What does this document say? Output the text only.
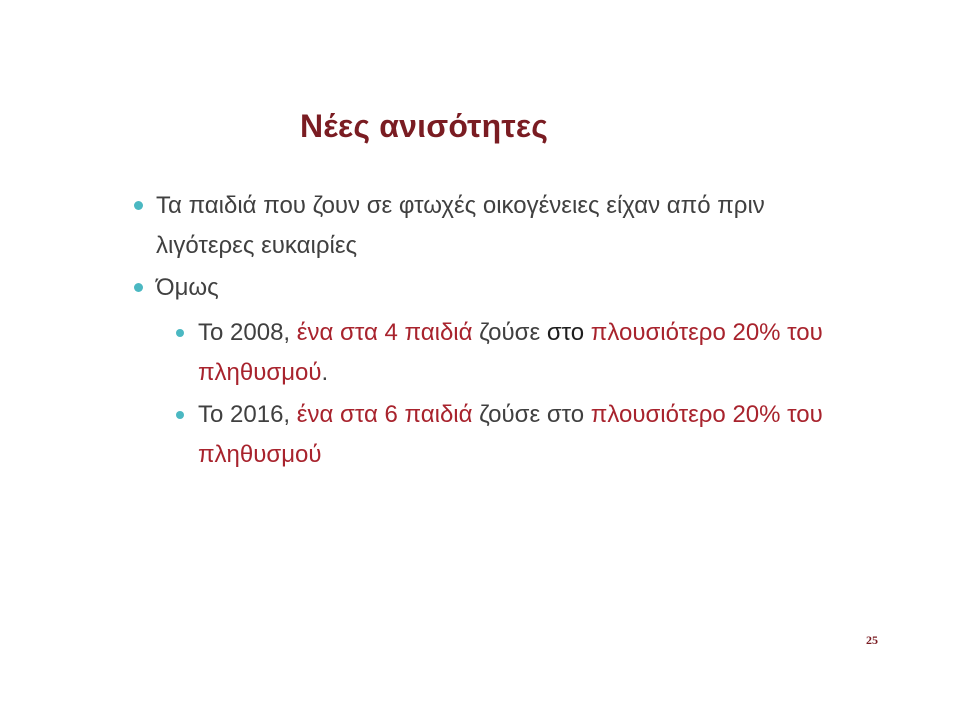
Νέες ανισότητες
Τα παιδιά που ζουν σε φτωχές οικογένειες είχαν από πριν λιγότερες ευκαιρίες
Όμως
Το 2008, ένα στα 4 παιδιά ζούσε στο πλουσιότερο 20% του πληθυσμού.
Το 2016, ένα στα 6 παιδιά ζούσε στο πλουσιότερο 20% του πληθυσμού
25
